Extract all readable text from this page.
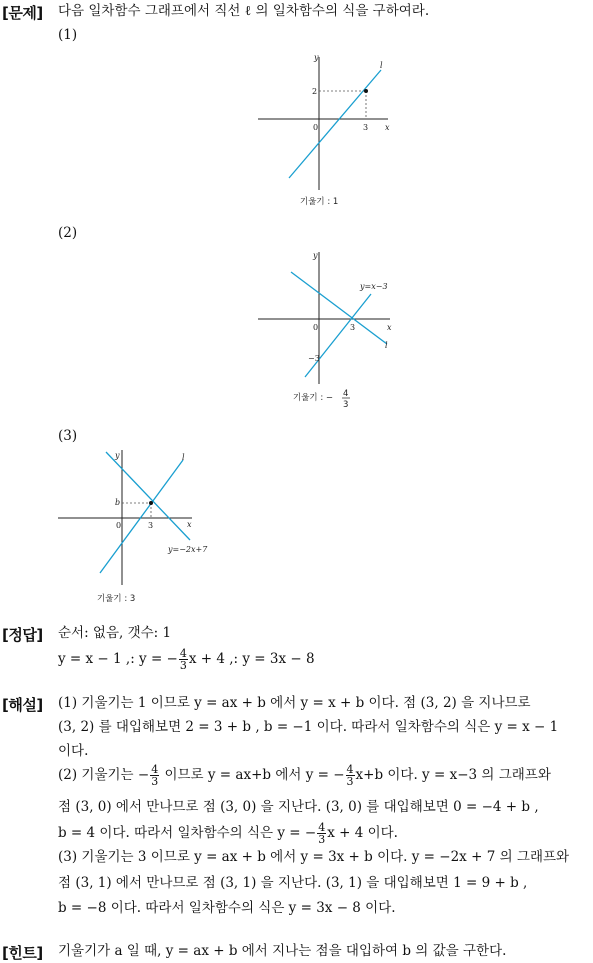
[문제] 다음 일차함수 그래프에서 직선 ℓ 의 일차함수의 식을 구하여라.
(1)
y
x
0	3
2
l
기울기 : 1
(2)
y
x
0	3
−3
y=x−3
l
기울기 : − 4
3
(3)
y
x
0	3
b
l
y=−2x+7
기울기 : 3
[정답] 순서: 없음, 갯수: 1
y = x − 1 ,: y = − $\frac{4}{3}$ x + 4 ,: y = 3x − 8
[해설] (1) 기울기는 1 이므로 y = ax + b 에서 y = x + b 이다. 점 (3, 2) 을 지나므로
(3, 2) 를 대입해보면 2 = 3 + b , b = −1 이다. 따라서 일차함수의 식은 y = x − 1
이다.
(2) 기울기는 − $\frac{4}{3}$ 이므로 y = ax+b 에서 y = − $\frac{4}{3} x+b$ 이다. y = x−3 의 그래프와
점 (3, 0) 에서 만나므로 점 (3, 0) 을 지난다. (3, 0) 를 대입해보면 0 = −4 + b ,
b = 4 이다. 따라서 일차함수의 식은 y = − $\frac{4}{3}$ x + 4 이다.
(3) 기울기는 3 이므로 y = ax + b 에서 y = 3x + b 이다. y = −2x + 7 의 그래프와
점 (3, 1) 에서 만나므로 점 (3, 1) 을 지난다. (3, 1) 을 대입해보면 1 = 9 + b ,
b = −8 이다. 따라서 일차함수의 식은 y = 3x − 8 이다.
[힌트] 기울기가 a 일 때, y = ax + b 에서 지나는 점을 대입하여 b 의 값을 구한다.
